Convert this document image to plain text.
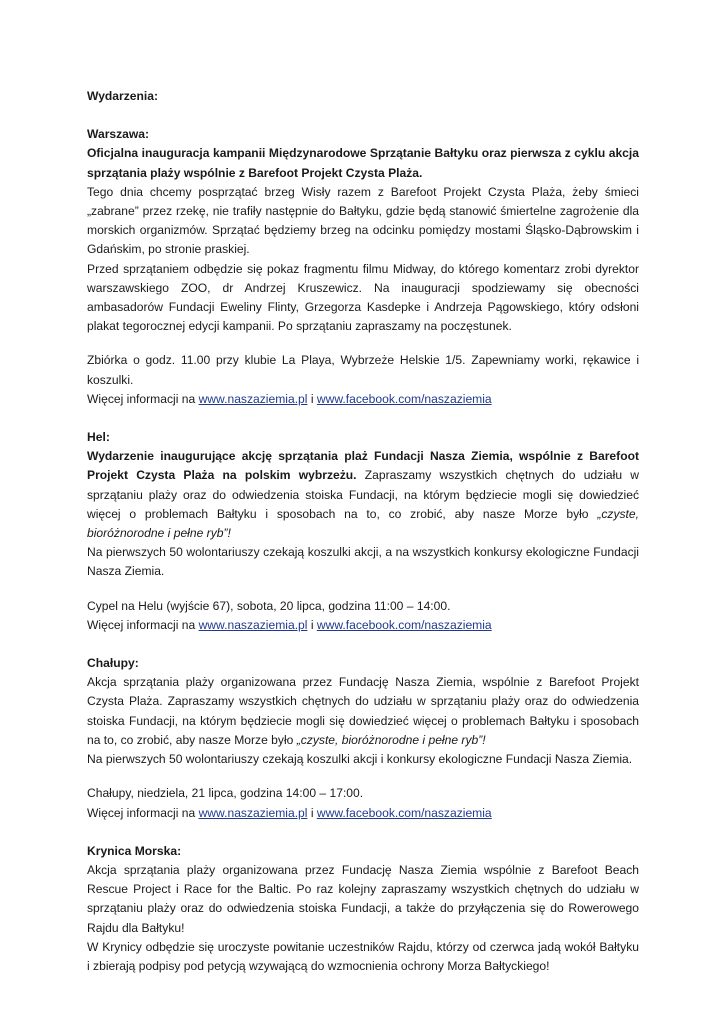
Wydarzenia:

Warszawa:

Oficjalna inauguracja kampanii Międzynarodowe Sprzątanie Bałtyku oraz pierwsza z cyklu akcja sprzątania plaży wspólnie z Barefoot Projekt Czysta Plaża.

Tego dnia chcemy posprzątać brzeg Wisły razem z Barefoot Projekt Czysta Plaża, żeby śmieci „zabrane” przez rzekę, nie trafiły następnie do Bałtyku, gdzie będą stanowić śmiertelne zagrożenie dla morskich organizmów. Sprzątać będziemy brzeg na odcinku pomiędzy mostami Śląsko-Dąbrowskim i Gdańskim, po stronie praskiej.

Przed sprzątaniem odbędzie się pokaz fragmentu filmu Midway, do którego komentarz zrobi dyrektor warszawskiego ZOO, dr Andrzej Kruszewicz. Na inauguracji spodziewamy się obecności ambasadorów Fundacji Eweliny Flinty, Grzegorza Kasdepke i Andrzeja Pągowskiego, który odsłoni plakat tegorocznej edycji kampanii. Po sprzątaniu zapraszamy na poczęstunek.

Zbiórka o godz. 11.00 przy klubie La Playa, Wybrzeże Helskie 1/5. Zapewniamy worki, rękawice i koszulki.

Więcej informacji na www.naszaziemia.pl i www.facebook.com/naszaziemia

Hel:

Wydarzenie inaugurujące akcję sprzątania plaż Fundacji Nasza Ziemia, wspólnie z Barefoot Projekt Czysta Plaża na polskim wybrzeżu. Zapraszamy wszystkich chętnych do udziału w sprzątaniu plaży oraz do odwiedzenia stoiska Fundacji, na którym będziecie mogli się dowiedzieć więcej o problemach Bałtyku i sposobach na to, co zrobić, aby nasze Morze było „czyste, bioróżnorodne i pełne ryb”!

Na pierwszych 50 wolontariuszy czekają koszulki akcji, a na wszystkich konkursy ekologiczne Fundacji Nasza Ziemia.

Cypel na Helu (wyjście 67), sobota, 20 lipca, godzina 11:00 – 14:00.

Więcej informacji na www.naszaziemia.pl i www.facebook.com/naszaziemia

Chałupy:

Akcja sprzątania plaży organizowana przez Fundację Nasza Ziemia, wspólnie z Barefoot Projekt Czysta Plaża. Zapraszamy wszystkich chętnych do udziału w sprzątaniu plaży oraz do odwiedzenia stoiska Fundacji, na którym będziecie mogli się dowiedzieć więcej o problemach Bałtyku i sposobach na to, co zrobić, aby nasze Morze było „czyste, bioróżnorodne i pełne ryb”!

Na pierwszych 50 wolontariuszy czekają koszulki akcji i konkursy ekologiczne Fundacji Nasza Ziemia.

Chałupy, niedziela, 21 lipca, godzina 14:00 – 17:00.

Więcej informacji na www.naszaziemia.pl i www.facebook.com/naszaziemia

Krynica Morska:

Akcja sprzątania plaży organizowana przez Fundację Nasza Ziemia wspólnie z Barefoot Beach Rescue Project i Race for the Baltic. Po raz kolejny zapraszamy wszystkich chętnych do udziału w sprzątaniu plaży oraz do odwiedzenia stoiska Fundacji, a także do przyłączenia się do Rowerowego Rajdu dla Bałtyku!

W Krynicy odbędzie się uroczyste powitanie uczestników Rajdu, którzy od czerwca jadą wokół Bałtyku i zbierają podpisy pod petycją wzywającą do wzmocnienia ochrony Morza Bałtyckiego!
